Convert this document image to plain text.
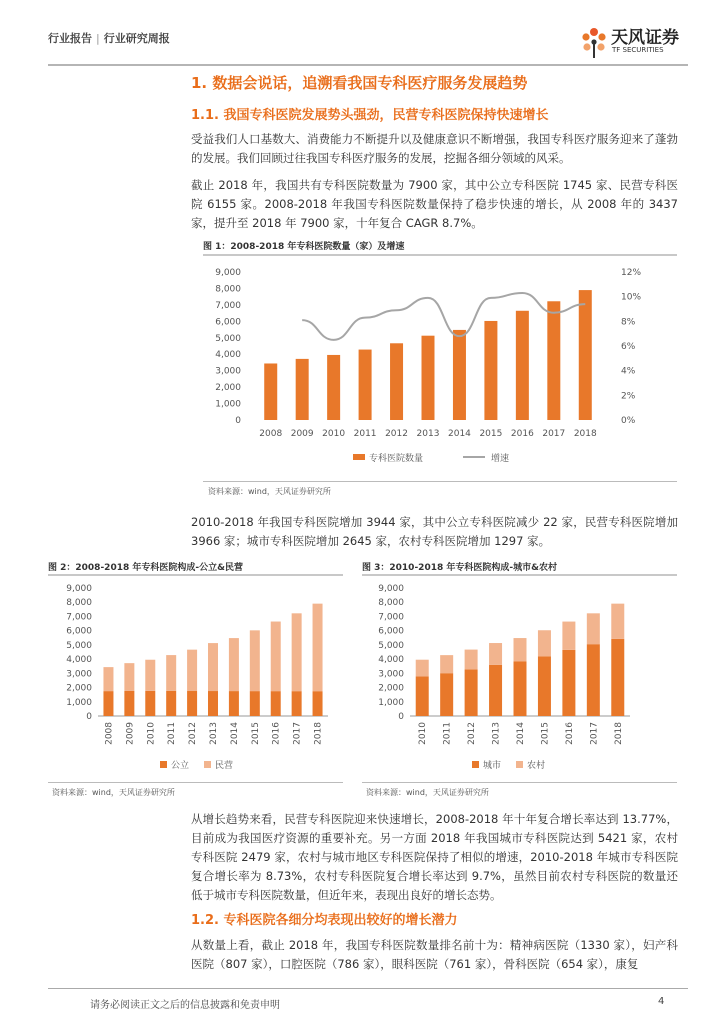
行业报告 | 行业研究周报	天风证券
TF SECURITIES
1. 数据会说话，追溯看我国专科医疗服务发展趋势
1.1. 我国专科医院发展势头强劲，民营专科医院保持快速增长
受益我们人口基数大、消费能力不断提升以及健康意识不断增强，我国专科医疗服务迎来了蓬勃的发展。我们回顾过往我国专科医疗服务的发展，挖掘各细分领域的风采。
截止 2018 年，我国共有专科医院数量为 7900 家，其中公立专科医院 1745 家、民营专科医院 6155 家。2008-2018 年我国专科医院数量保持了稳步快速的增长，从 2008 年的 3437 家，提升至 2018 年 7900 家，十年复合 CAGR 8.7%。
图 1：2008-2018 年专科医院数量（家）及增速
0
1,000
2,000
3,000
4,000
5,000
6,000
7,000
8,000
9,000
0%
2%
4%
6%
8%
10%
12%
2008 2009 2010 2011 2012 2013 2014 2015 2016 2017 2018
专科医院数量	增速
资料来源：wind，天风证券研究所
2010-2018 年我国专科医院增加 3944 家，其中公立专科医院减少 22 家，民营专科医院增加 3966 家；城市专科医院增加 2645 家，农村专科医院增加 1297 家。
图 2：2008-2018 年专科医院构成-公立&民营
0
1,000
2,000
3,000
4,000
5,000
6,000
7,000
8,000
9,000
2008 2009 2010 2011 2012 2013 2014 2015 2016 2017 2018
公立	民营
资料来源：wind，天风证券研究所
图 3：2010-2018 年专科医院构成-城市&农村
0
1,000
2,000
3,000
4,000
5,000
6,000
7,000
8,000
9,000
2010 2011 2012 2013 2014 2015 2016 2017 2018
城市	农村
资料来源：wind，天风证券研究所
从增长趋势来看，民营专科医院迎来快速增长，2008-2018 年十年复合增长率达到 13.77%，目前成为我国医疗资源的重要补充。另一方面 2018 年我国城市专科医院达到 5421 家，农村专科医院 2479 家，农村与城市地区专科医院保持了相似的增速，2010-2018 年城市专科医院复合增长率为 8.73%，农村专科医院复合增长率达到 9.7%，虽然目前农村专科医院的数量还低于城市专科医院数量，但近年来，表现出良好的增长态势。
1.2. 专科医院各细分均表现出较好的增长潜力
从数量上看，截止 2018 年，我国专科医院数量排名前十为：精神病医院（1330 家），妇产科医院（807 家），口腔医院（786 家），眼科医院（761 家），骨科医院（654 家），康复
请务必阅读正文之后的信息披露和免责申明	4
